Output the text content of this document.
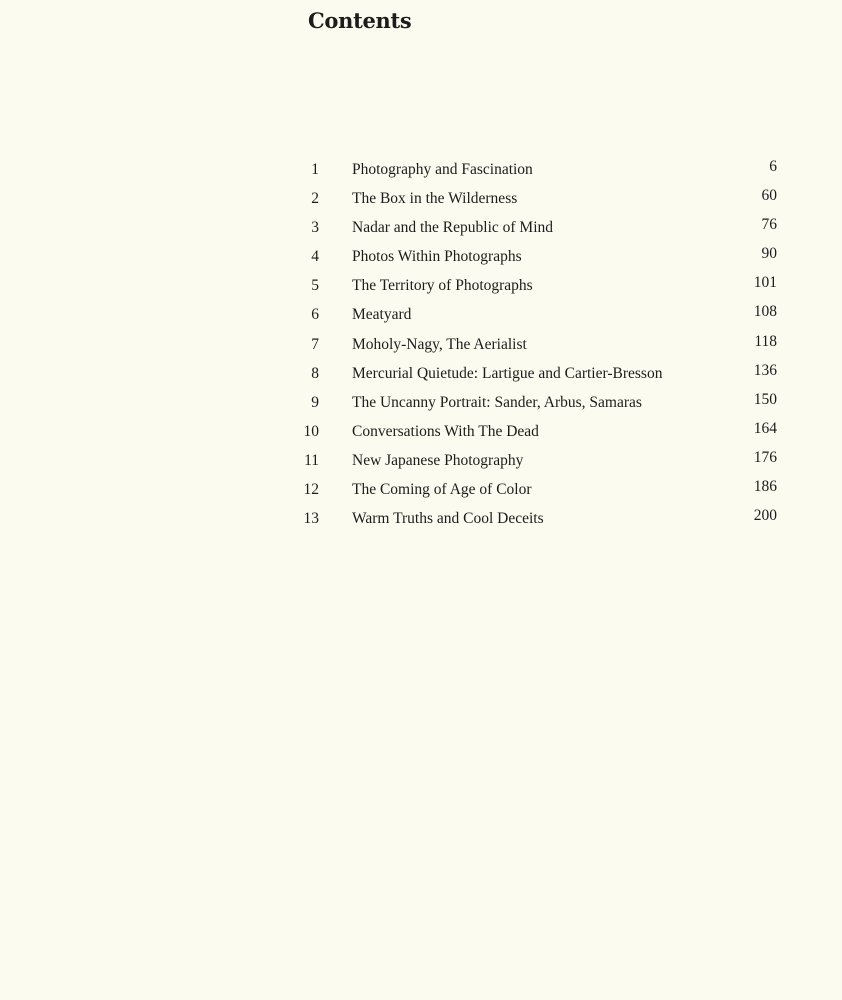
Contents
1 Photography and Fascination	6
2 The Box in the Wilderness	60
3 Nadar and the Republic of Mind	76
4 Photos Within Photographs	90
5 The Territory of Photographs	101
6 Meatyard	108
7 Moholy-Nagy, The Aerialist	118
8 Mercurial Quietude: Lartigue and Cartier-Bresson	136
9 The Uncanny Portrait: Sander, Arbus, Samaras	150
10 Conversations With The Dead	164
11 New Japanese Photography	176
12 The Coming of Age of Color	186
13 Warm Truths and Cool Deceits	200
